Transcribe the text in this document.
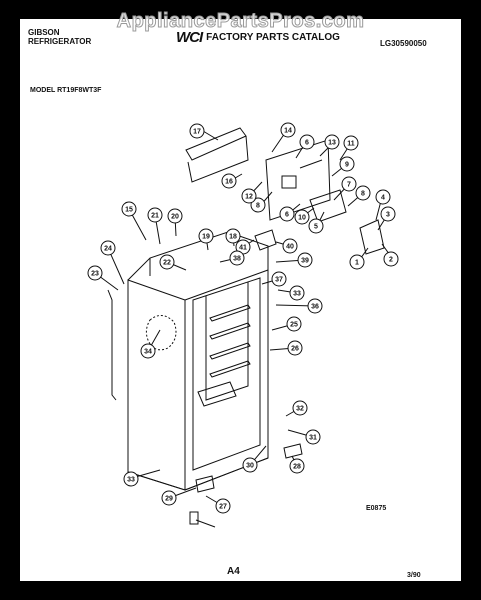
GIBSON
REFRIGERATOR	WCI FACTORY PARTS CATALOG
LG30590050
MODEL RT19F8WT3F
17	14
6	13 11
9
7
8
4
3
2
1
5
6 10
8
12
16
15
21 20
19	18
41	40
38	39
37
24
23
22
33
36
25
34	26
33
32
31
30	28
29
27	E0875
A4	3/90
AppliancePartsPros.com
